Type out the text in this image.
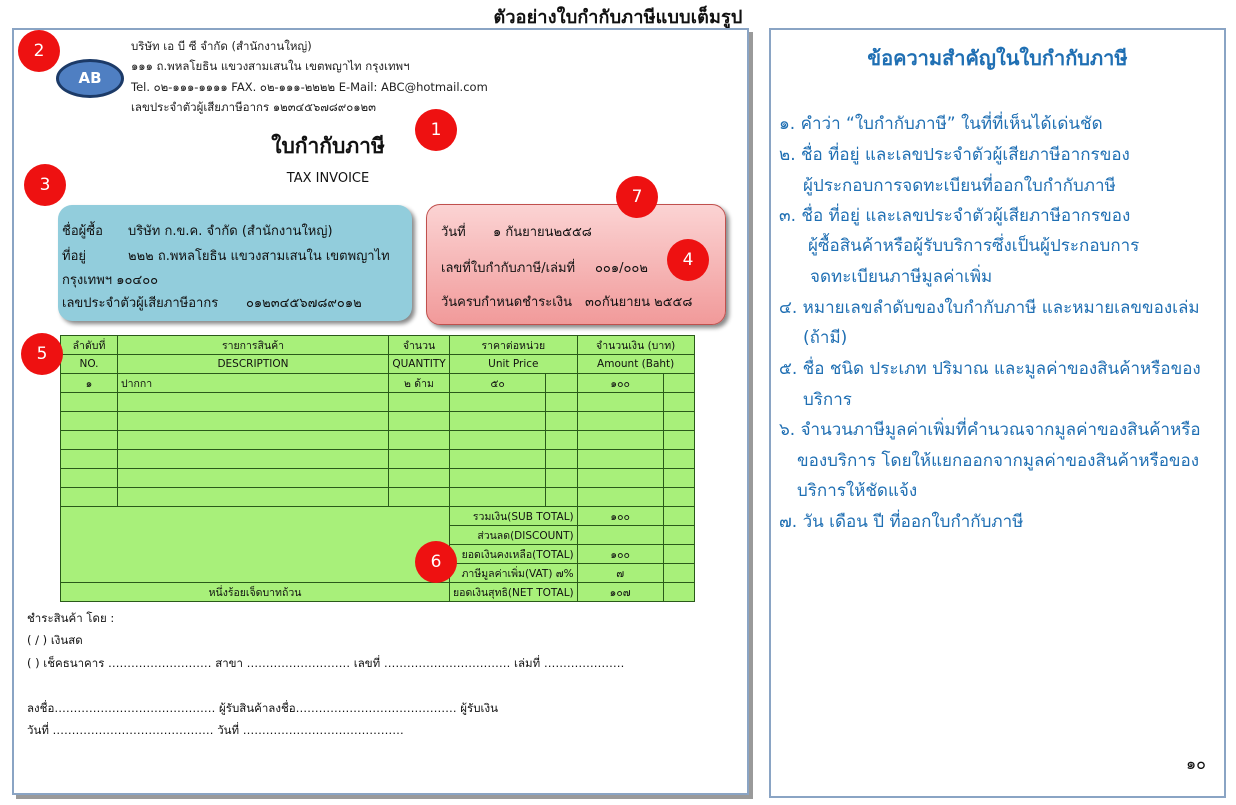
ตัวอย่างใบกำกับภาษีแบบเต็มรูป
AB
บริษัท เอ บี ซี จำกัด (สำนักงานใหญ่)
๑๑๑ ถ.พหลโยธิน แขวงสามเสนใน เขตพญาไท กรุงเทพฯ
Tel. ๐๒-๑๑๑-๑๑๑๑ FAX. ๐๒-๑๑๑-๒๒๒๒ E-Mail: ABC@hotmail.com
เลขประจำตัวผู้เสียภาษีอากร ๑๒๓๔๕๖๗๘๙๐๑๒๓
ใบกำกับภาษี
TAX INVOICE
ชื่อผู้ซื้อ บริษัท ก.ข.ค. จำกัด (สำนักงานใหญ่)
ที่อยู่	๒๒๒ ถ.พหลโยธิน แขวงสามเสนใน เขตพญาไท
กรุงเทพฯ ๑๐๔๐๐
เลขประจำตัวผู้เสียภาษีอากร ๐๑๒๓๔๕๖๗๘๙๐๑๒
วันที่ ๑ กันยายน๒๕๕๘
เลขที่ใบกำกับภาษี/เล่มที่ ๐๐๑/๐๐๒
วันครบกำหนดชำระเงิน ๓๐กันยายน ๒๕๕๘
ลำดับที่	รายการสินค้า	จำนวน	ราคาต่อหน่วย		จำนวนเงิน (บาท)	
NO.	DESCRIPTION	QUANTITY	Unit Price		Amount (Baht)	
๑	ปากกา	๒ ด้าม	๕๐		๑๐๐	

			รวมเงิน(SUB TOTAL)		๑๐๐	
			ส่วนลด(DISCOUNT)			
			ยอดเงินคงเหลือ(TOTAL)		๑๐๐	
			ภาษีมูลค่าเพิ่ม(VAT) ๗%		๗	
หนึ่งร้อยเจ็ดบาทถ้วน			ยอดเงินสุทธิ(NET TOTAL)		๑๐๗	
ชำระสินค้า โดย :
( / ) เงินสด
( ) เช็คธนาคาร ……………………… สาขา ……………………… เลขที่ …………………………… เล่มที่ …………………
ลงชื่อ…………………………………… ผู้รับสินค้าลงชื่อ…………………………………… ผู้รับเงิน
วันที่ …………………………………… วันที่ ……………………………………
1
2
3
4
5
6
7
ข้อความสำคัญในใบกำกับภาษี
๑. คำว่า “ใบกำกับภาษี” ในที่ที่เห็นได้เด่นชัด
๒. ชื่อ ที่อยู่ และเลขประจำตัวผู้เสียภาษีอากรของ
ผู้ประกอบการจดทะเบียนที่ออกใบกำกับภาษี
๓. ชื่อ ที่อยู่ และเลขประจำตัวผู้เสียภาษีอากรของ
ผู้ซื้อสินค้าหรือผู้รับบริการซึ่งเป็นผู้ประกอบการ
จดทะเบียนภาษีมูลค่าเพิ่ม
๔. หมายเลขลำดับของใบกำกับภาษี และหมายเลขของเล่ม
(ถ้ามี)
๕. ชื่อ ชนิด ประเภท ปริมาณ และมูลค่าของสินค้าหรือของ
บริการ
๖. จำนวนภาษีมูลค่าเพิ่มที่คำนวณจากมูลค่าของสินค้าหรือ
ของบริการ โดยให้แยกออกจากมูลค่าของสินค้าหรือของ
บริการให้ชัดแจ้ง
๗. วัน เดือน ปี ที่ออกใบกำกับภาษี
๑๐
